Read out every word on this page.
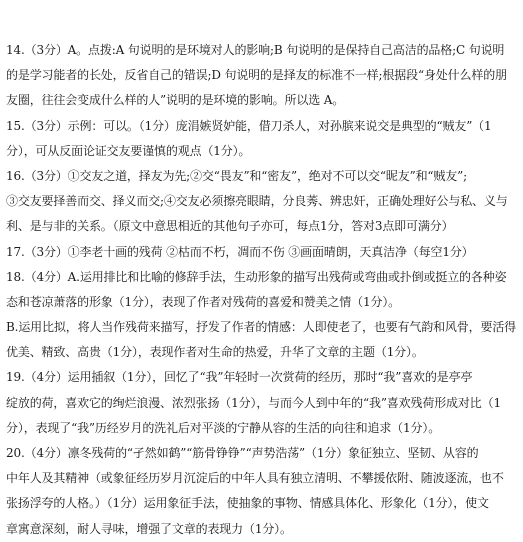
14.（3分）A。点拨:A 句说明的是环境对人的影响;B 句说明的是保持自己高洁的品格;C 句说明
的是学习能者的长处，反省自己的错误;D 句说明的是择友的标准不一样;根据段“身处什么样的朋
友圈，往往会变成什么样的人”说明的是环境的影响。所以选 A。
15.（3分）示例：可以。（1分）庞涓嫉贤妒能，借刀杀人，对孙膑来说交是典型的“贼友”（1
分），可从反面论证交友要谨慎的观点（1分）。
16.（3分）①交友之道，择友为先;②交“畏友”和“密友”，绝对不可以交“昵友”和“贼友”;
③交友要择善而交、择义而交;④交友必须擦亮眼睛，分良莠、辨忠奸，正确处理好公与私、义与
利、是与非的关系。（原文中意思相近的其他句子亦可，每点1分，答对3点即可满分）
17.（3分）①李老十画的残荷 ②枯而不朽，凋而不伤 ③画面晴朗，天真洁净（每空1分）
18.（4分）A.运用排比和比喻的修辞手法，生动形象的描写出残荷或弯曲或扑倒或挺立的各种姿
态和苍凉萧落的形象（1分），表现了作者对残荷的喜爱和赞美之情（1分）。
B.运用比拟，将人当作残荷来描写，抒发了作者的情感：人即使老了，也要有气韵和风骨，要活得
优美、精致、高贵（1分），表现作者对生命的热爱，升华了文章的主题（1分）。
19.（4分）运用插叙（1分），回忆了“我”年轻时一次赏荷的经历，那时“我”喜欢的是亭亭
绽放的荷，喜欢它的绚烂浪漫、浓烈张扬（1分），与而今人到中年的“我”喜欢残荷形成对比（1
分），表现了“我”历经岁月的洗礼后对平淡的宁静从容的生活的向往和追求（1分）。
20.（4分）凛冬残荷的“孑然如鹤”“筋骨铮铮”“声势浩荡”（1分）象征独立、坚韧、从容的
中年人及其精神（或象征经历岁月沉淀后的中年人具有独立清明、不攀援依附、随波逐流，也不
张扬浮夸的人格。）（1分）运用象征手法，使抽象的事物、情感具体化、形象化（1分），使文
章寓意深刻，耐人寻味，增强了文章的表现力（1分）。
